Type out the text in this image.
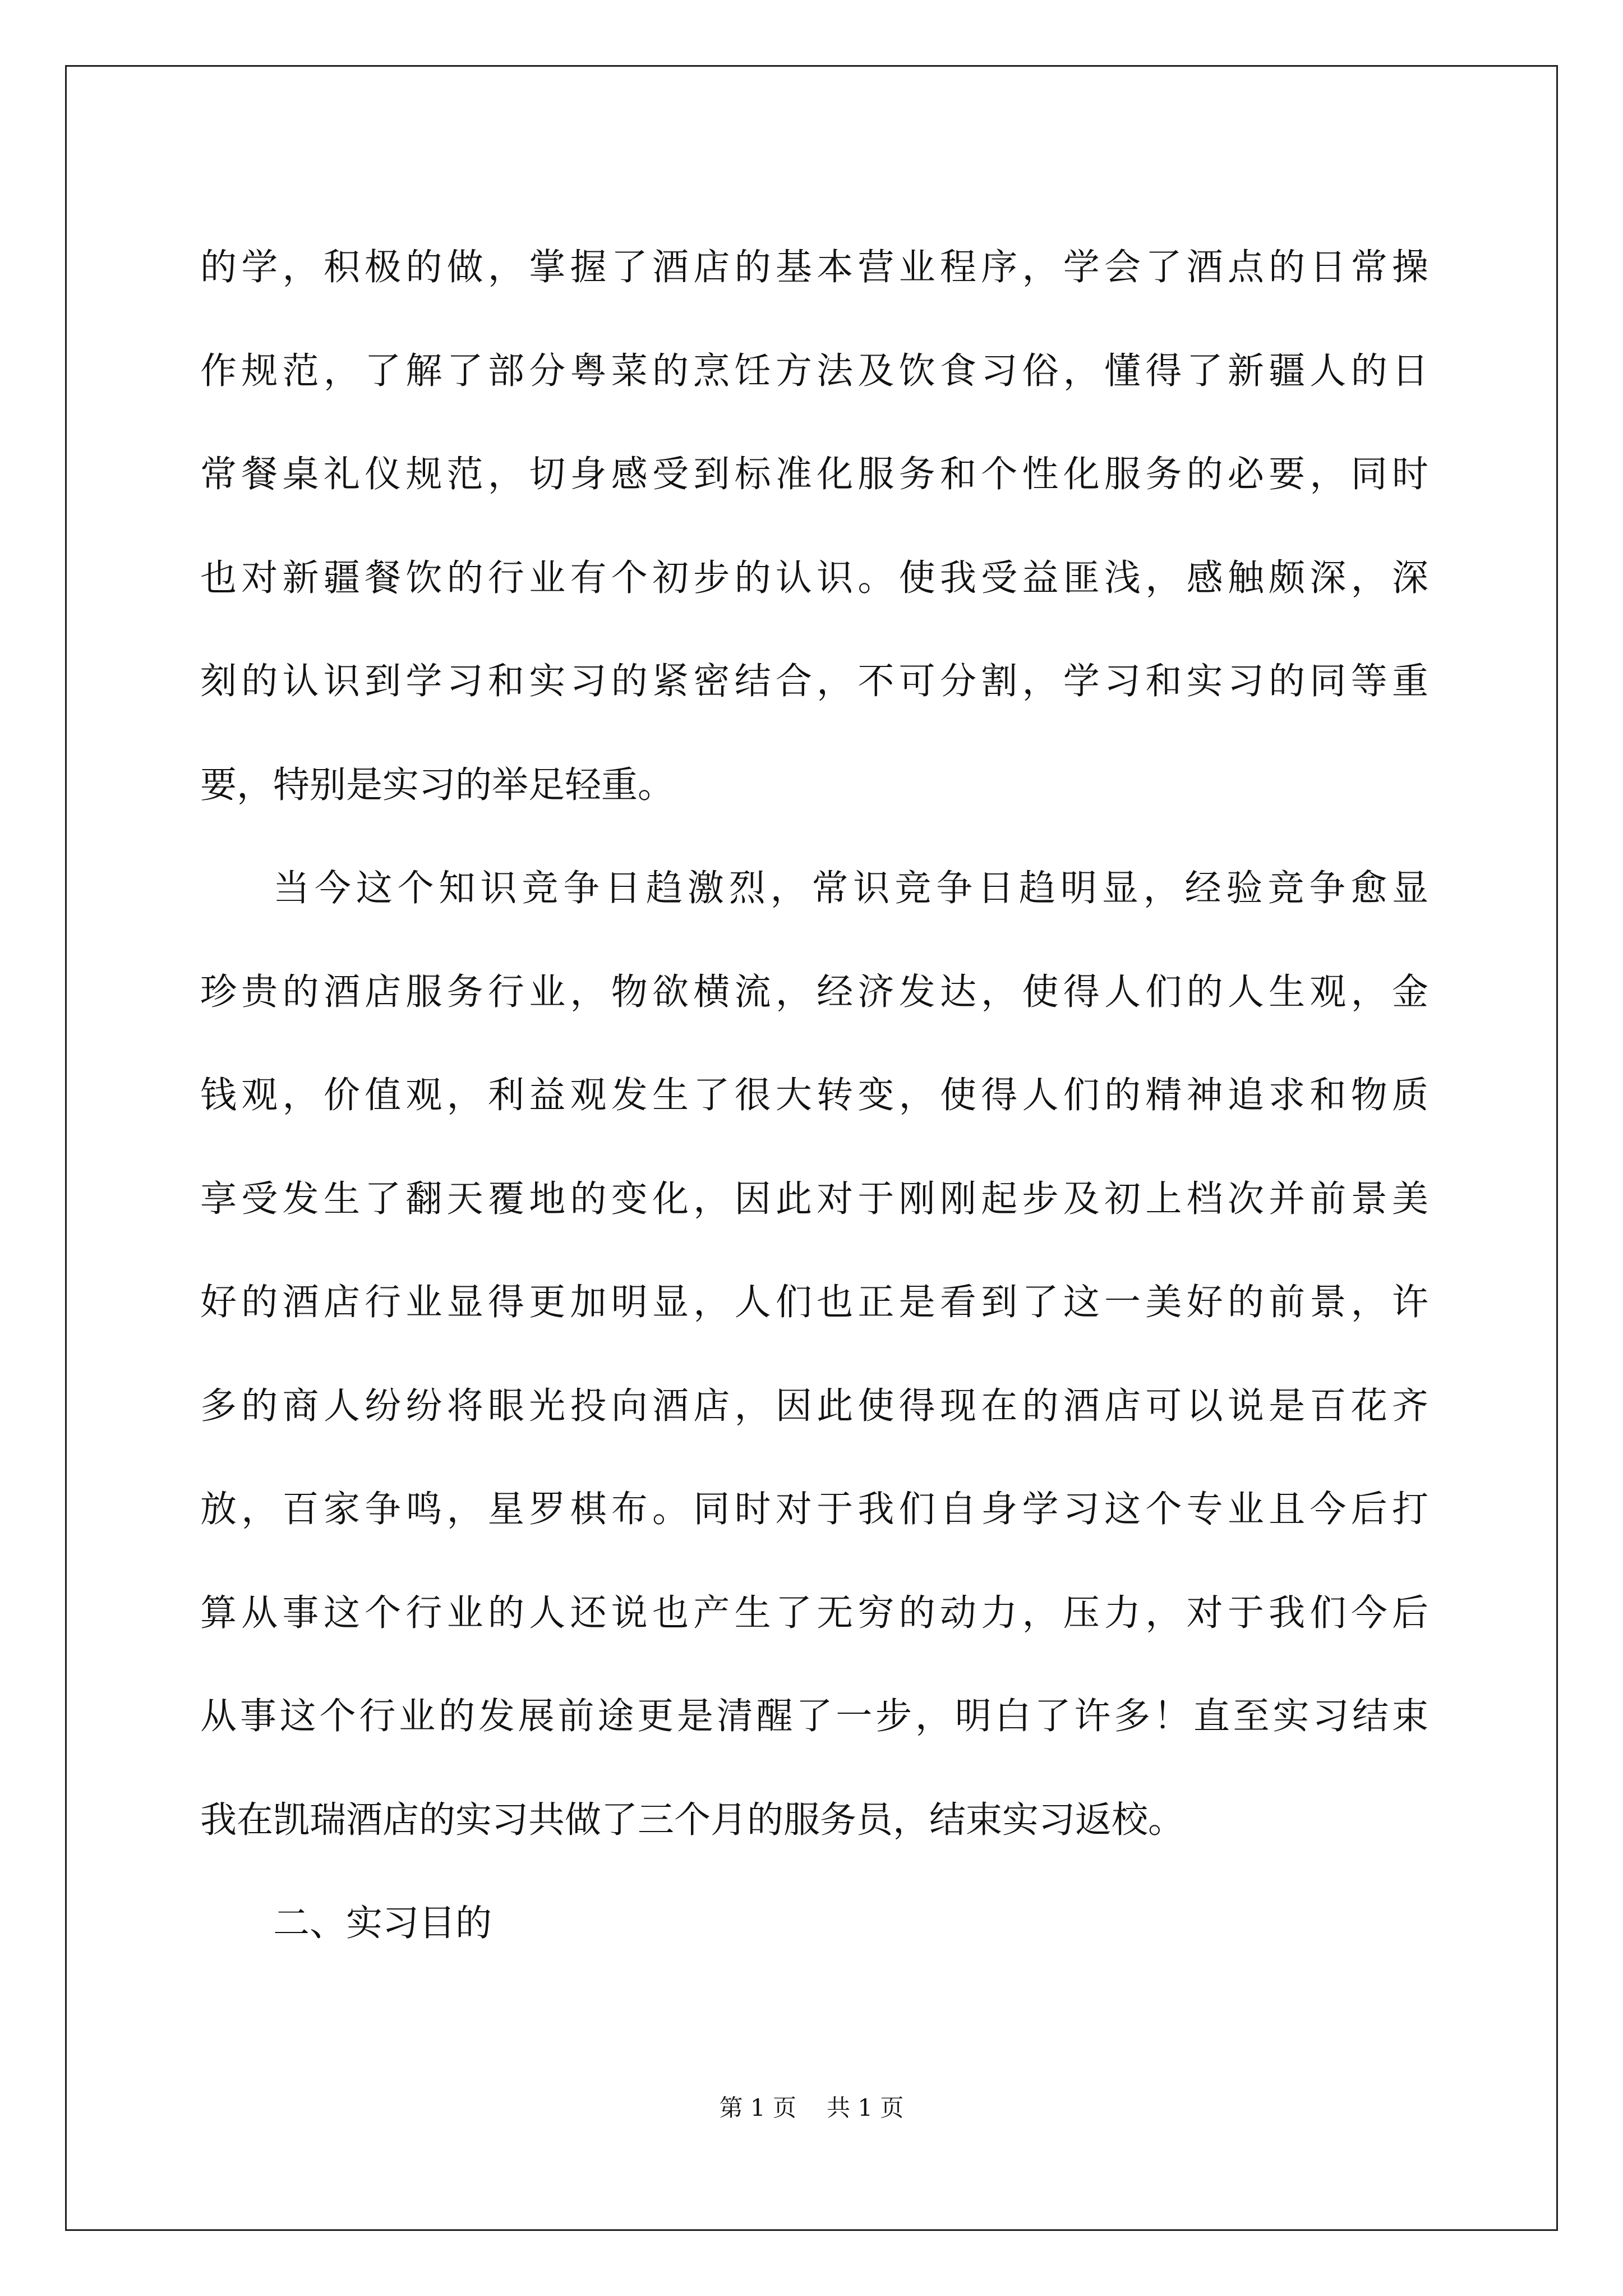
的学，积极的做，掌握了酒店的基本营业程序，学会了酒点的日常操
作规范，了解了部分粤菜的烹饪方法及饮食习俗，懂得了新疆人的日
常餐桌礼仪规范，切身感受到标准化服务和个性化服务的必要，同时
也对新疆餐饮的行业有个初步的认识。使我受益匪浅，感触颇深，深
刻的认识到学习和实习的紧密结合，不可分割，学习和实习的同等重
要，特别是实习的举足轻重。
当今这个知识竞争日趋激烈，常识竞争日趋明显，经验竞争愈显
珍贵的酒店服务行业，物欲横流，经济发达，使得人们的人生观，金
钱观，价值观，利益观发生了很大转变，使得人们的精神追求和物质
享受发生了翻天覆地的变化，因此对于刚刚起步及初上档次并前景美
好的酒店行业显得更加明显，人们也正是看到了这一美好的前景，许
多的商人纷纷将眼光投向酒店，因此使得现在的酒店可以说是百花齐
放，百家争鸣，星罗棋布。同时对于我们自身学习这个专业且今后打
算从事这个行业的人还说也产生了无穷的动力，压力，对于我们今后
从事这个行业的发展前途更是清醒了一步，明白了许多！直至实习结束
我在凯瑞酒店的实习共做了三个月的服务员，结束实习返校。
二、实习目的
第 1 页 共 1 页
